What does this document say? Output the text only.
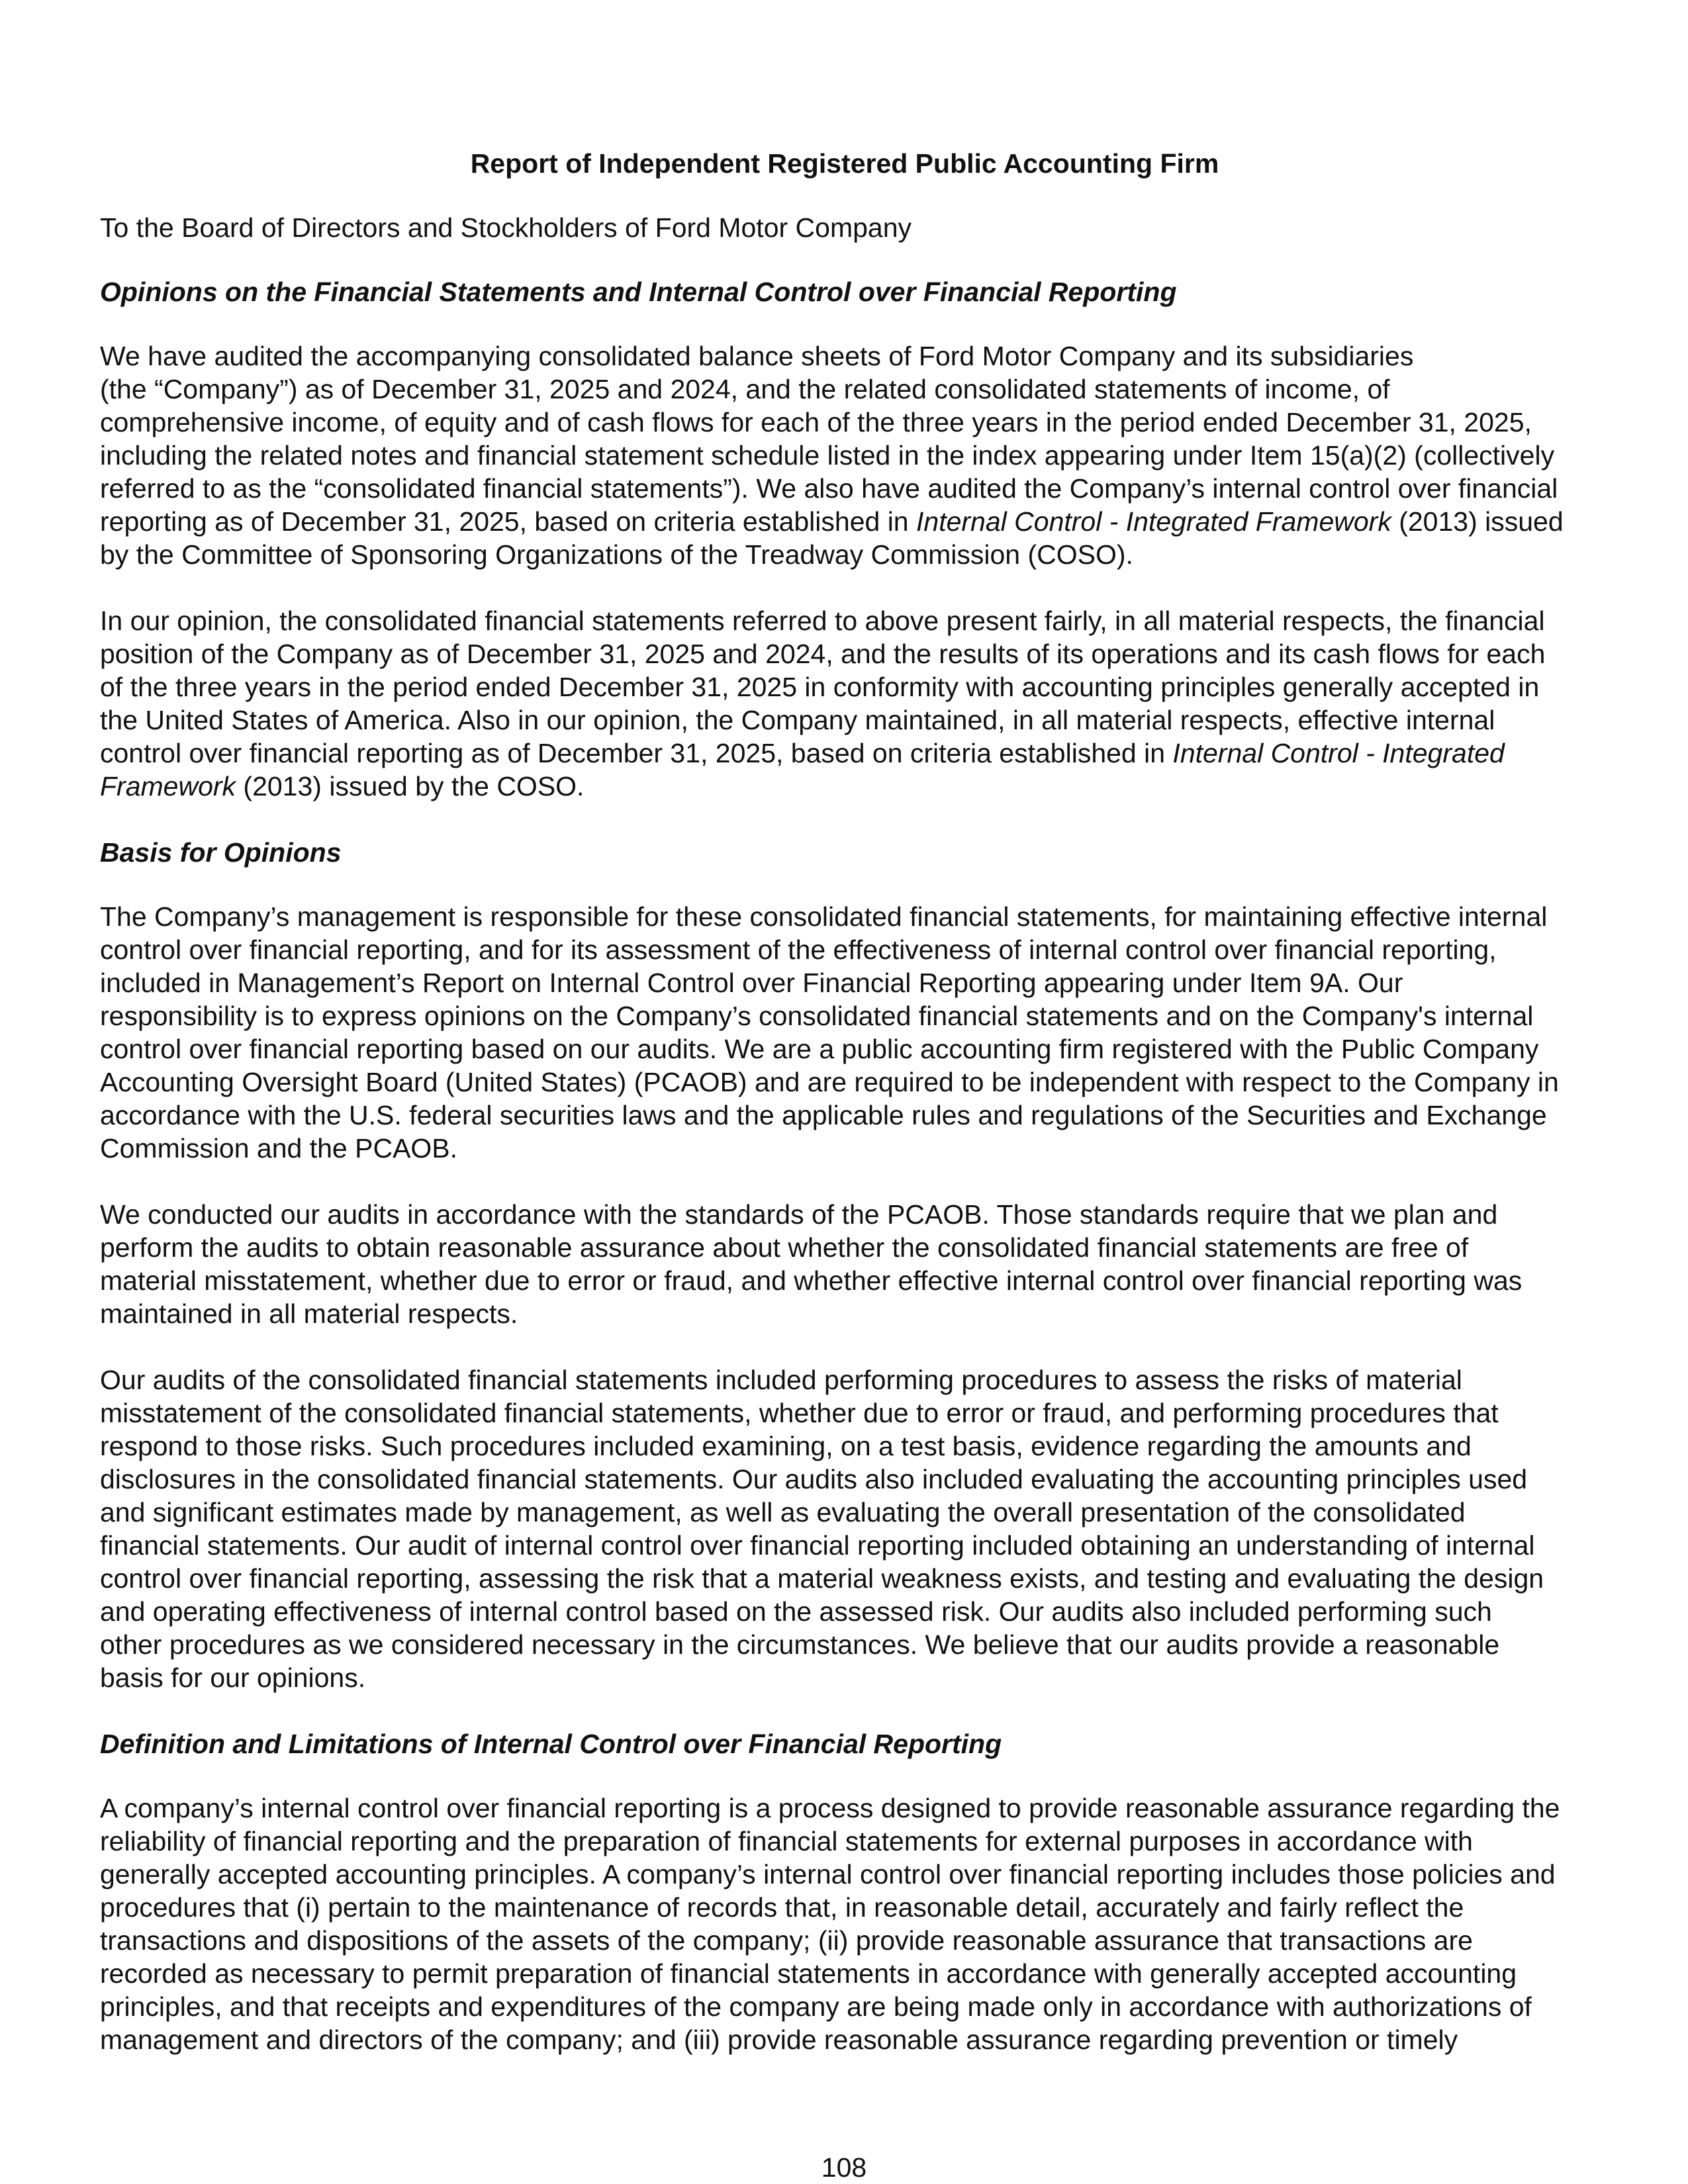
Report of Independent Registered Public Accounting Firm
To the Board of Directors and Stockholders of Ford Motor Company
Opinions on the Financial Statements and Internal Control over Financial Reporting
We have audited the accompanying consolidated balance sheets of Ford Motor Company and its subsidiaries
(the “Company”) as of December 31, 2025 and 2024, and the related consolidated statements of income, of
comprehensive income, of equity and of cash flows for each of the three years in the period ended December 31, 2025,
including the related notes and financial statement schedule listed in the index appearing under Item 15(a)(2) (collectively
referred to as the “consolidated financial statements”). We also have audited the Company’s internal control over financial
reporting as of December 31, 2025, based on criteria established in Internal Control - Integrated Framework (2013) issued
by the Committee of Sponsoring Organizations of the Treadway Commission (COSO).
In our opinion, the consolidated financial statements referred to above present fairly, in all material respects, the financial
position of the Company as of December 31, 2025 and 2024, and the results of its operations and its cash flows for each
of the three years in the period ended December 31, 2025 in conformity with accounting principles generally accepted in
the United States of America. Also in our opinion, the Company maintained, in all material respects, effective internal
control over financial reporting as of December 31, 2025, based on criteria established in Internal Control - Integrated
Framework (2013) issued by the COSO.
Basis for Opinions
The Company’s management is responsible for these consolidated financial statements, for maintaining effective internal
control over financial reporting, and for its assessment of the effectiveness of internal control over financial reporting,
included in Management’s Report on Internal Control over Financial Reporting appearing under Item 9A. Our
responsibility is to express opinions on the Company’s consolidated financial statements and on the Company's internal
control over financial reporting based on our audits. We are a public accounting firm registered with the Public Company
Accounting Oversight Board (United States) (PCAOB) and are required to be independent with respect to the Company in
accordance with the U.S. federal securities laws and the applicable rules and regulations of the Securities and Exchange
Commission and the PCAOB.
We conducted our audits in accordance with the standards of the PCAOB. Those standards require that we plan and
perform the audits to obtain reasonable assurance about whether the consolidated financial statements are free of
material misstatement, whether due to error or fraud, and whether effective internal control over financial reporting was
maintained in all material respects.
Our audits of the consolidated financial statements included performing procedures to assess the risks of material
misstatement of the consolidated financial statements, whether due to error or fraud, and performing procedures that
respond to those risks. Such procedures included examining, on a test basis, evidence regarding the amounts and
disclosures in the consolidated financial statements. Our audits also included evaluating the accounting principles used
and significant estimates made by management, as well as evaluating the overall presentation of the consolidated
financial statements. Our audit of internal control over financial reporting included obtaining an understanding of internal
control over financial reporting, assessing the risk that a material weakness exists, and testing and evaluating the design
and operating effectiveness of internal control based on the assessed risk. Our audits also included performing such
other procedures as we considered necessary in the circumstances. We believe that our audits provide a reasonable
basis for our opinions.
Definition and Limitations of Internal Control over Financial Reporting
A company’s internal control over financial reporting is a process designed to provide reasonable assurance regarding the
reliability of financial reporting and the preparation of financial statements for external purposes in accordance with
generally accepted accounting principles. A company’s internal control over financial reporting includes those policies and
procedures that (i) pertain to the maintenance of records that, in reasonable detail, accurately and fairly reflect the
transactions and dispositions of the assets of the company; (ii) provide reasonable assurance that transactions are
recorded as necessary to permit preparation of financial statements in accordance with generally accepted accounting
principles, and that receipts and expenditures of the company are being made only in accordance with authorizations of
management and directors of the company; and (iii) provide reasonable assurance regarding prevention or timely
108
